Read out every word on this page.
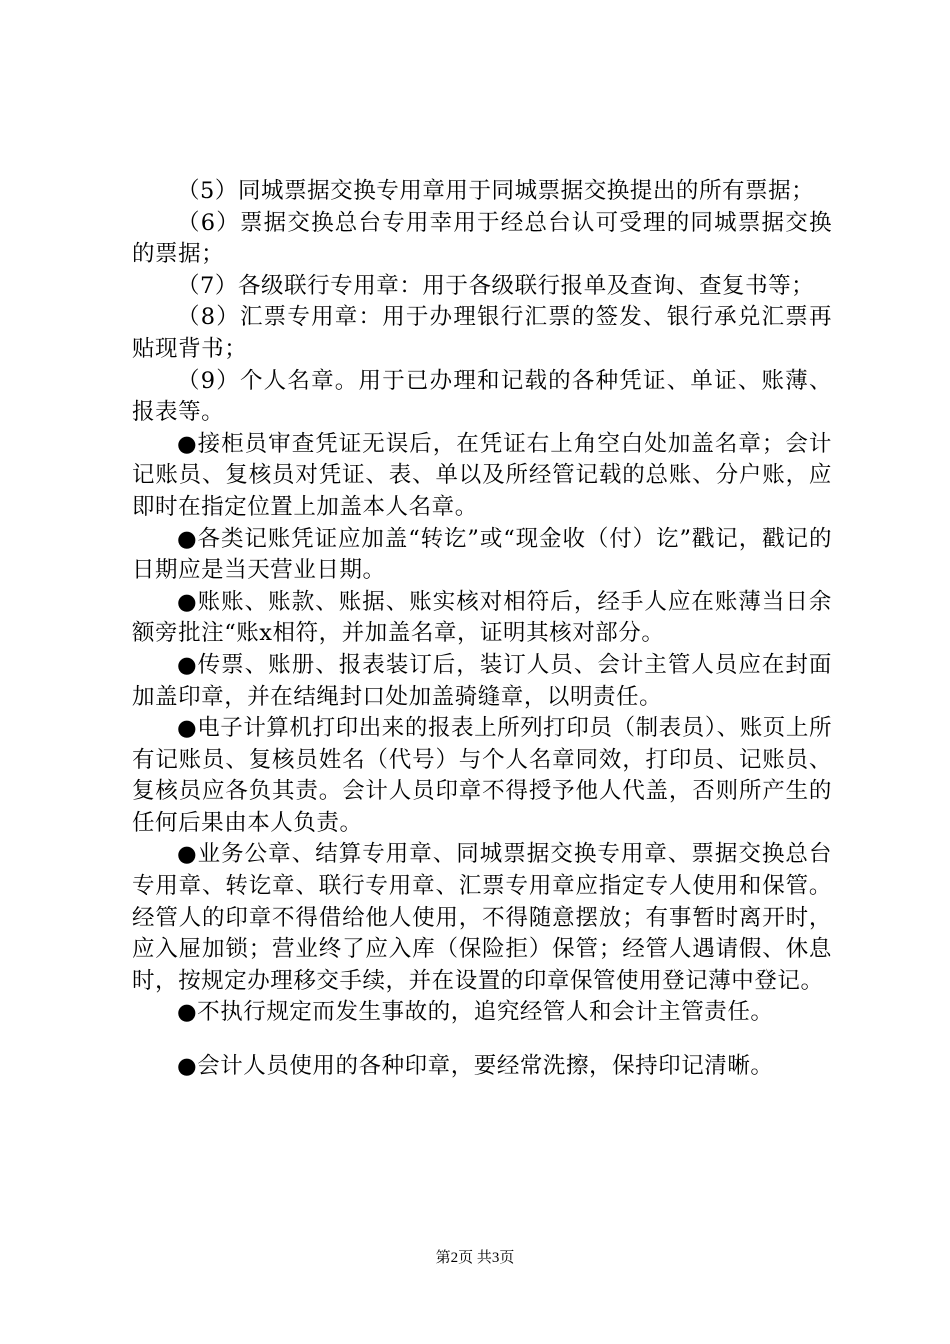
（5）同城票据交换专用章用于同城票据交换提出的所有票据；

（6）票据交换总台专用幸用于经总台认可受理的同城票据交换的票据；

（7）各级联行专用章：用于各级联行报单及查询、查复书等；

（8）汇票专用章：用于办理银行汇票的签发、银行承兑汇票再贴现背书；

（9）个人名章。用于已办理和记载的各种凭证、单证、账薄、报表等。

●接柜员审查凭证无误后，在凭证右上角空白处加盖名章；会计记账员、复核员对凭证、表、单以及所经管记载的总账、分户账，应即时在指定位置上加盖本人名章。

●各类记账凭证应加盖“转讫”或“现金收（付）讫”戳记，戳记的日期应是当天营业日期。

●账账、账款、账据、账实核对相符后，经手人应在账薄当日余额旁批注“账x相符，并加盖名章，证明其核对部分。

●传票、账册、报表装订后，装订人员、会计主管人员应在封面加盖印章，并在结绳封口处加盖骑缝章，以明责任。

●电子计算机打印出来的报表上所列打印员（制表员）、账页上所有记账员、复核员姓名（代号）与个人名章同效，打印员、记账员、复核员应各负其责。会计人员印章不得授予他人代盖，否则所产生的任何后果由本人负责。

●业务公章、结算专用章、同城票据交换专用章、票据交换总台专用章、转讫章、联行专用章、汇票专用章应指定专人使用和保管。经管人的印章不得借给他人使用，不得随意摆放；有事暂时离开时，应入屉加锁；营业终了应入库（保险拒）保管；经管人遇请假、休息时，按规定办理移交手续，并在设置的印章保管使用登记薄中登记。

●不执行规定而发生事故的，追究经管人和会计主管责任。

●会计人员使用的各种印章，要经常洗擦，保持印记清晰。

第2页 共3页
